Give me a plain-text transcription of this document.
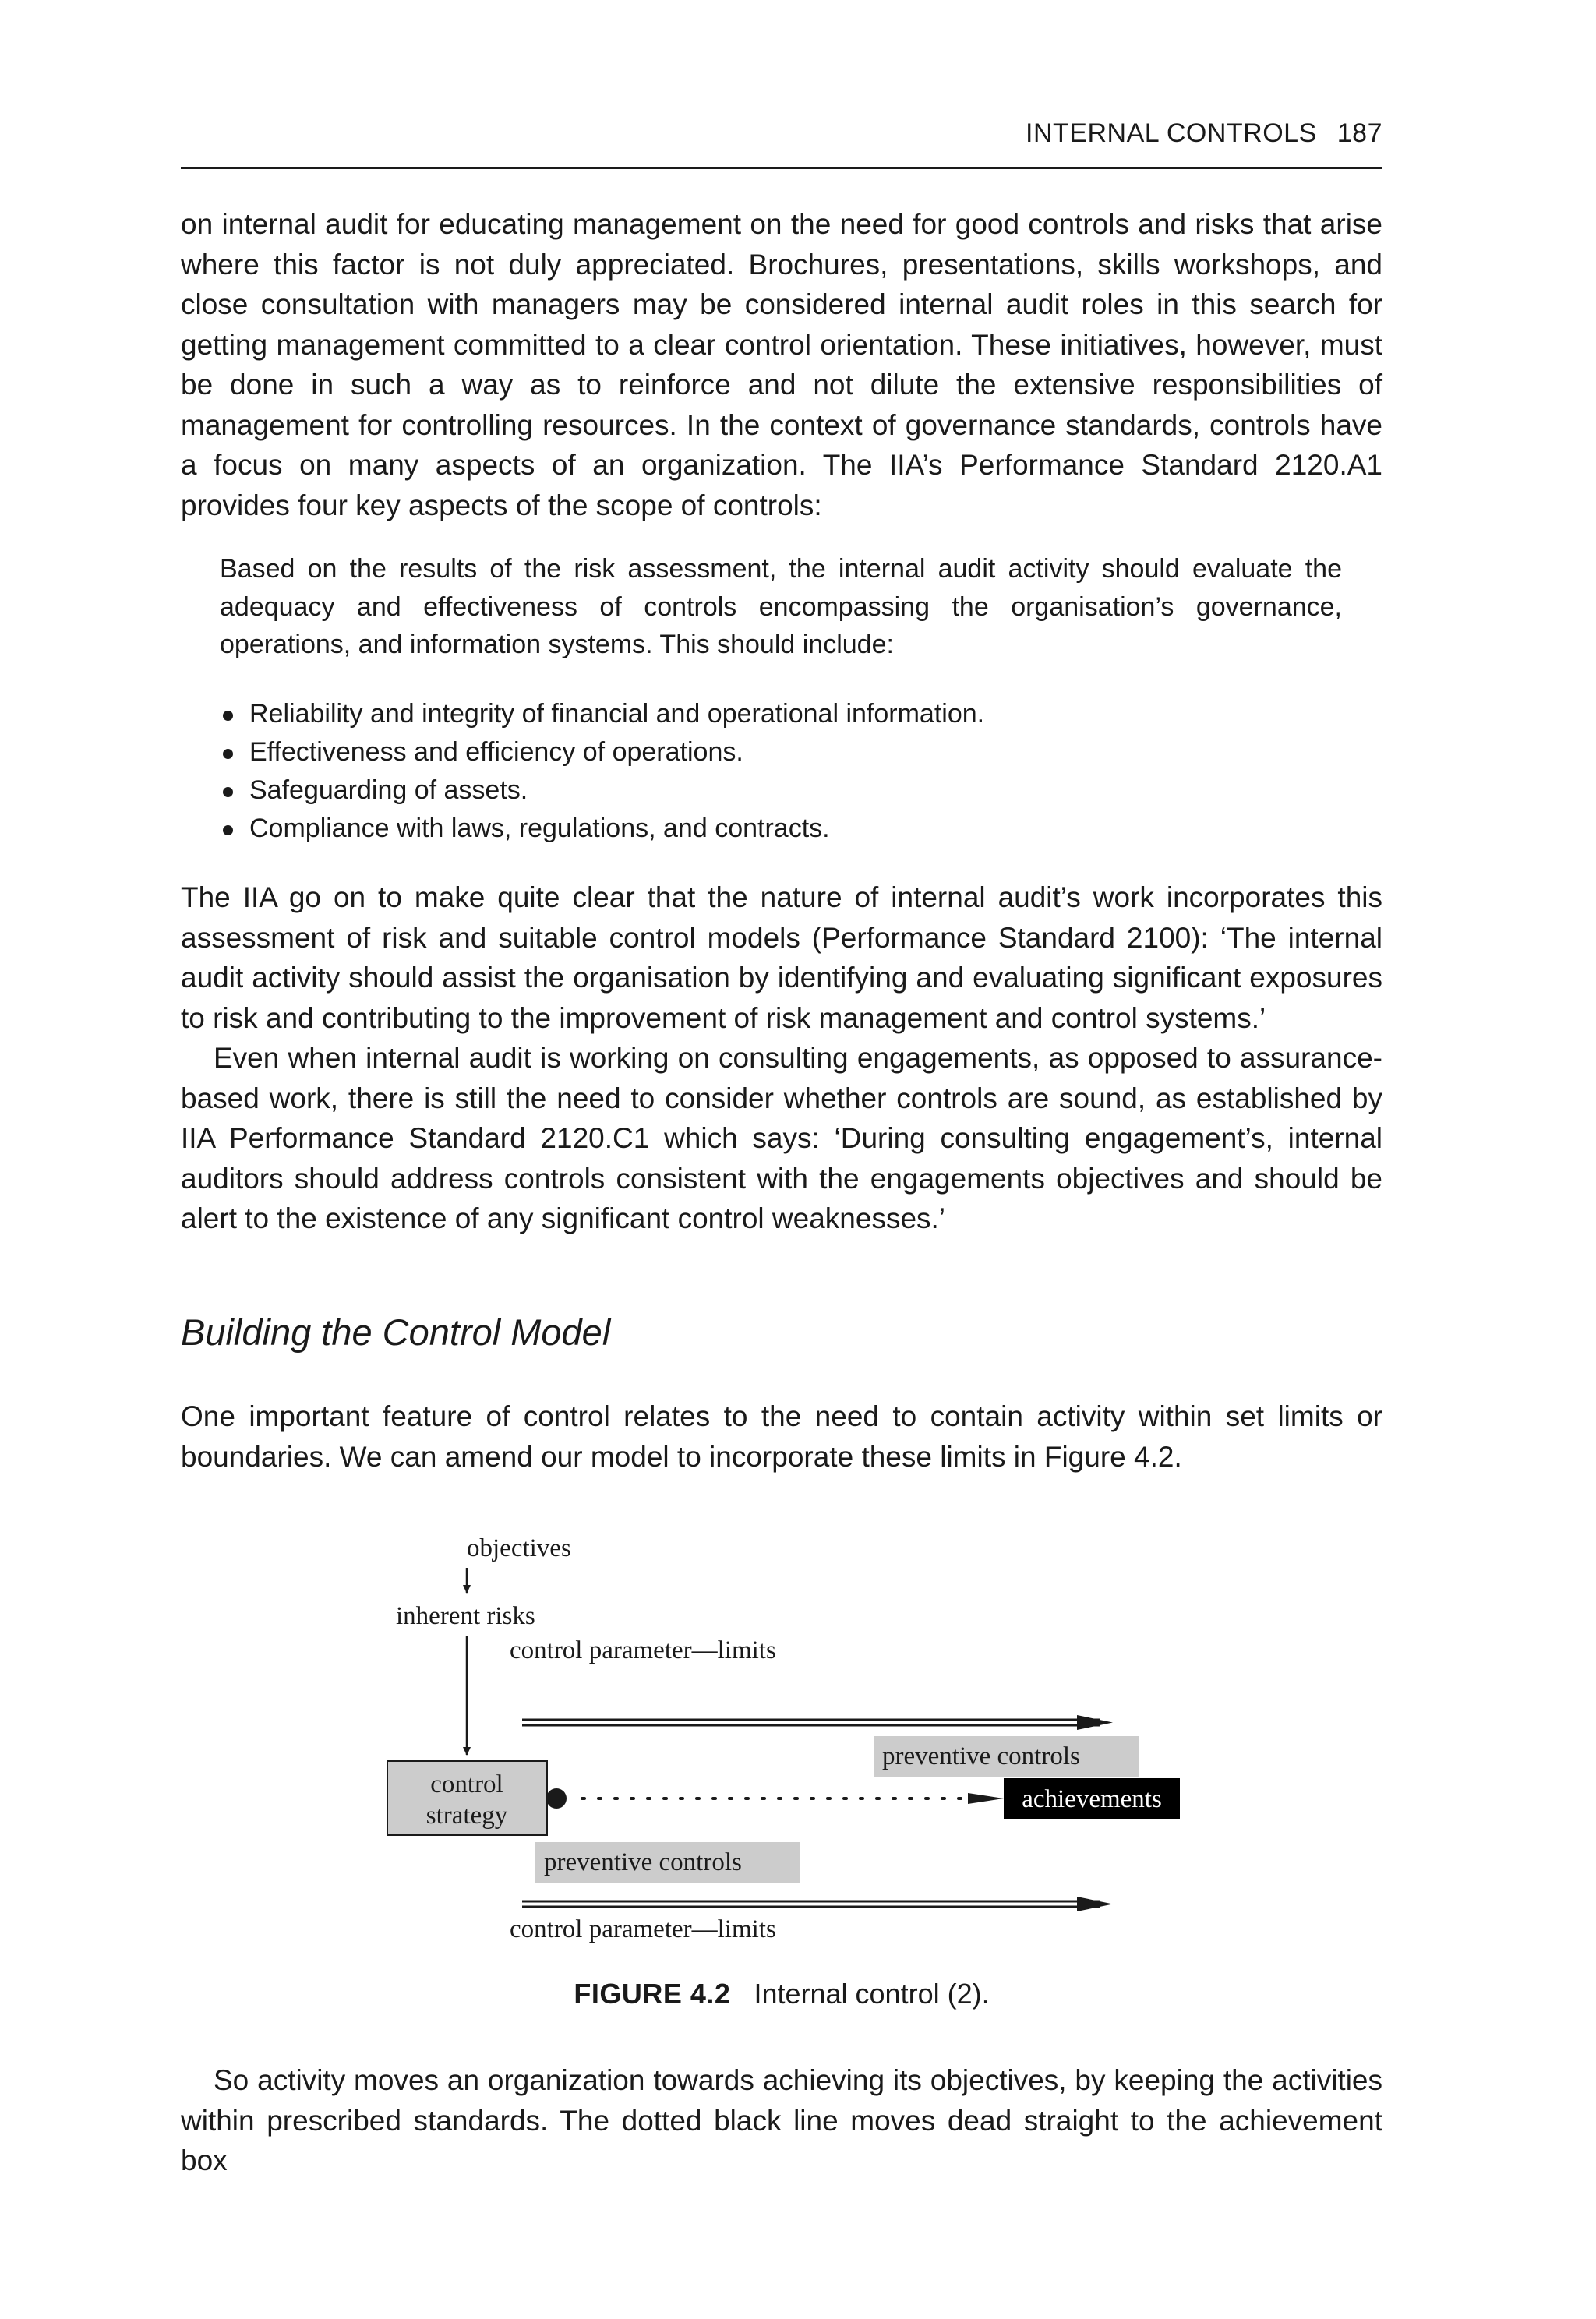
INTERNAL CONTROLS 187

on internal audit for educating management on the need for good controls and risks that arise where this factor is not duly appreciated. Brochures, presentations, skills workshops, and close consultation with managers may be considered internal audit roles in this search for getting management committed to a clear control orientation. These initiatives, however, must be done in such a way as to reinforce and not dilute the extensive responsibilities of management for controlling resources. In the context of governance standards, controls have a focus on many aspects of an organization. The IIA’s Performance Standard 2120.A1 provides four key aspects of the scope of controls:

Based on the results of the risk assessment, the internal audit activity should evaluate the adequacy and effectiveness of controls encompassing the organisation’s governance, operations, and information systems. This should include:

Reliability and integrity of financial and operational information.
Effectiveness and efficiency of operations.
Safeguarding of assets.
Compliance with laws, regulations, and contracts.

The IIA go on to make quite clear that the nature of internal audit’s work incorporates this assessment of risk and suitable control models (Performance Standard 2100): ‘The internal audit activity should assist the organisation by identifying and evaluating significant exposures to risk and contributing to the improvement of risk management and control systems.’

Even when internal audit is working on consulting engagements, as opposed to assurance-based work, there is still the need to consider whether controls are sound, as established by IIA Performance Standard 2120.C1 which says: ‘During consulting engagement’s, internal auditors should address controls consistent with the engagements objectives and should be alert to the existence of any significant control weaknesses.’

Building the Control Model

One important feature of control relates to the need to contain activity within set limits or boundaries. We can amend our model to incorporate these limits in Figure 4.2.

objectives
inherent risks
control parameter—limits
preventive controls
control
strategy
achievements
preventive controls
control parameter—limits
FIGURE 4.2 Internal control (2).

So activity moves an organization towards achieving its objectives, by keeping the activities within prescribed standards. The dotted black line moves dead straight to the achievement box
